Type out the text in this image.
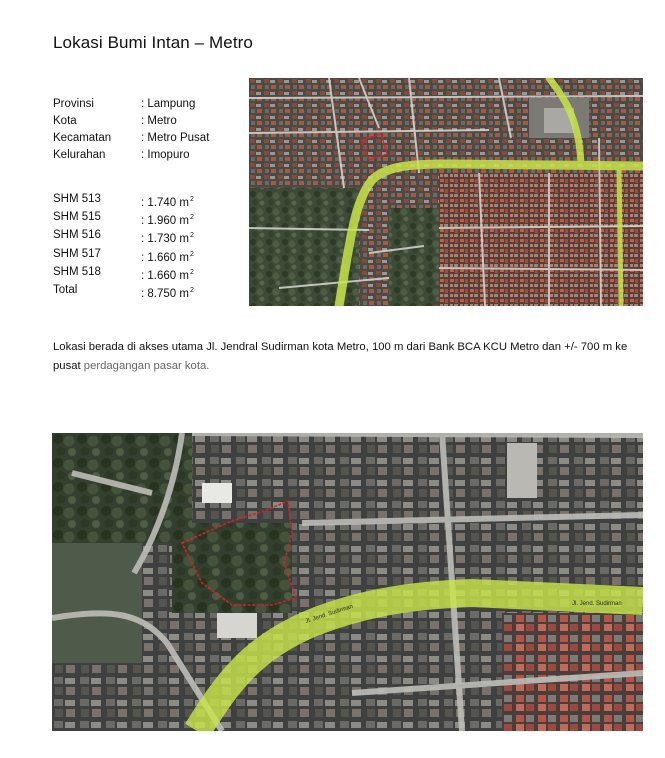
Lokasi Bumi Intan – Metro
Provinsi	: Lampung
Kota	: Metro
Kecamatan	: Metro Pusat
Kelurahan	: Imopuro
SHM 513	: 1.740 $m^2$
SHM 515	: 1.960 $m^2$
SHM 516	: 1.730 $m^2$
SHM 517	: 1.660 $m^2$
SHM 518	: 1.660 $m^2$
Total	: 8.750 $m^2$
Lokasi berada di akses utama Jl. Jendral Sudirman kota Metro, 100 m dari Bank BCA KCU Metro dan +/- 700 m ke pusat perdagangan pasar kota.
Jl. Jend. Sudirman	Jl. Jend. Sudirman
